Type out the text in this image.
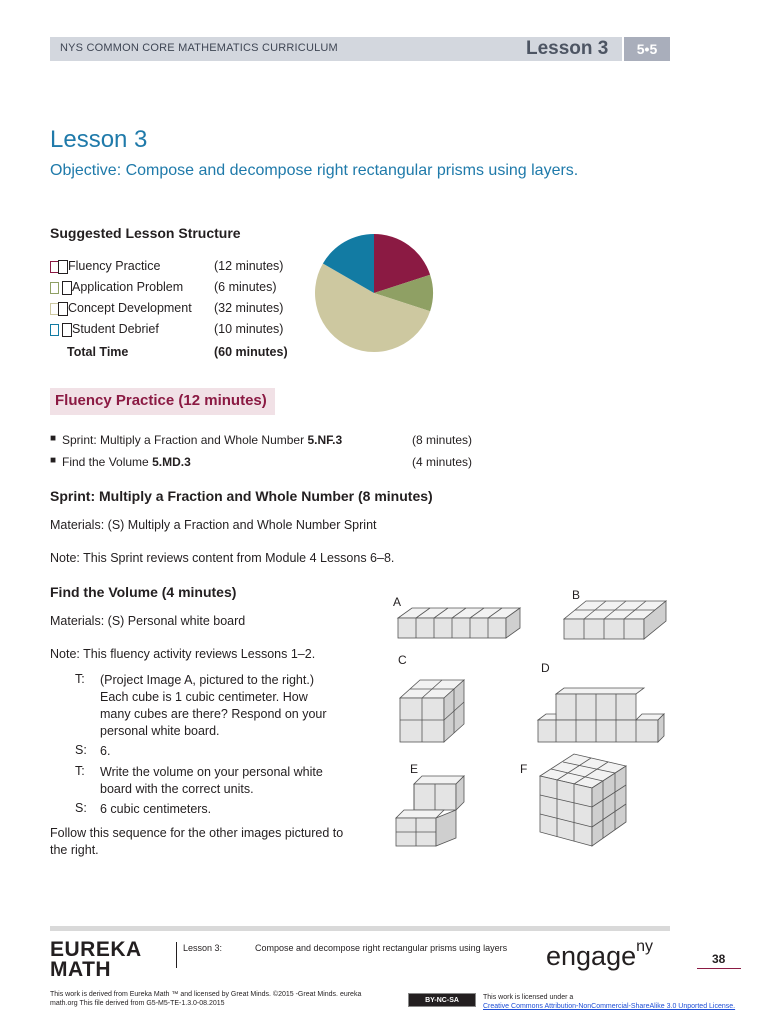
NYS COMMON CORE MATHEMATICS CURRICULUM	Lesson 3	5•5
Lesson 3
Objective: Compose and decompose right rectangular prisms using layers.
Suggested Lesson Structure
Fluency Practice	(12 minutes)
Application Problem (6 minutes)
Concept Development (32 minutes)
Student Debrief	(10 minutes)
Total Time	(60 minutes)
Fluency Practice (12 minutes)
■ Sprint: Multiply a Fraction and Whole Number 5.NF.3	(8 minutes)
■ Find the Volume 5.MD.3	(4 minutes)
Sprint: Multiply a Fraction and Whole Number (8 minutes)
Materials: (S) Multiply a Fraction and Whole Number Sprint
Note: This Sprint reviews content from Module 4 Lessons 6–8.
Find the Volume (4 minutes)
Materials: (S) Personal white board
Note: This fluency activity reviews Lessons 1–2.
T: (Project Image A, pictured to the right.) Each cube is 1 cubic centimeter. How many cubes are there? Respond on your personal white board.
S: 6.
T: Write the volume on your personal white board with the correct units.
S: 6 cubic centimeters.
Follow this sequence for the other images pictured to the right.
A	B
C
D
E	F
EUREKA
MATH
Lesson 3:	Compose and decompose right rectangular prisms using layers engage$^{ny}$
38
This work is derived from Eureka Math ™ and licensed by Great Minds. ©2015 -Great Minds. eureka math.org This file derived from G5-M5-TE-1.3.0-08.2015	BY-NC-SA	This work is licensed under a
Creative Commons Attribution-NonCommercial-ShareAlike 3.0 Unported License.
